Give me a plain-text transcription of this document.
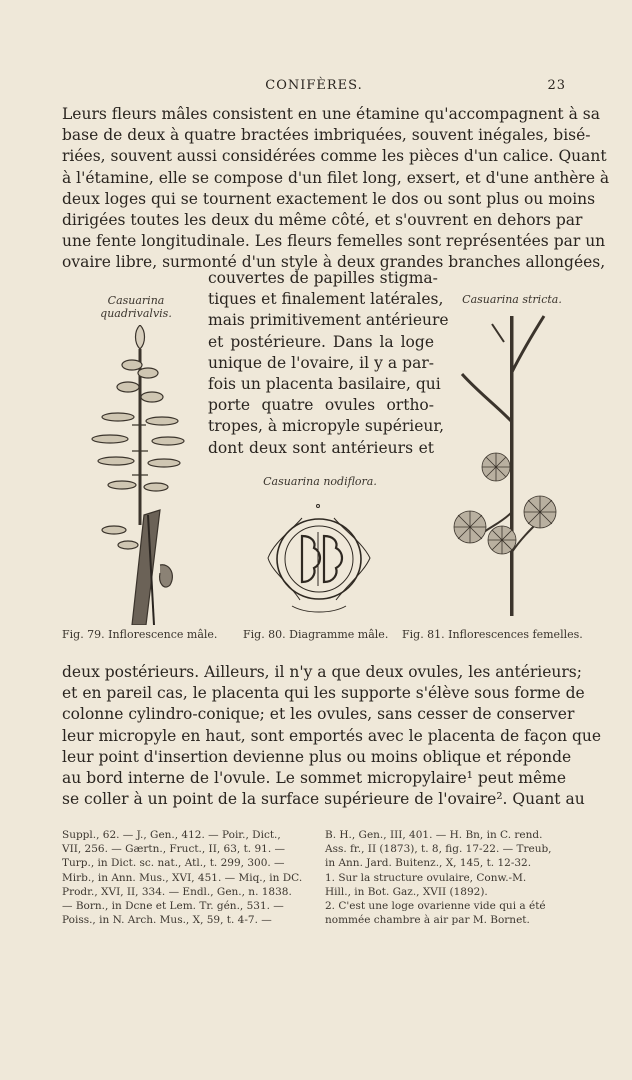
CONIFÈRES.	23
Leurs fleurs mâles consistent en une étamine qu'accompagnent à sa
base de deux à quatre bractées imbriquées, souvent inégales, bisé-
riées, souvent aussi considérées comme les pièces d'un calice. Quant
à l'étamine, elle se compose d'un filet long, exsert, et d'une anthère à
deux loges qui se tournent exactement le dos ou sont plus ou moins
dirigées toutes les deux du même côté, et s'ouvrent en dehors par
une fente longitudinale. Les fleurs femelles sont représentées par un
ovaire libre, surmonté d'un style à deux grandes branches allongées,
couvertes de papilles stigma-
tiques et finalement latérales,
mais primitivement antérieure
et postérieure. Dans la loge
unique de l'ovaire, il y a par-
fois un placenta basilaire, qui
porte quatre ovules ortho-
tropes, à micropyle supérieur,
dont deux sont antérieurs et
Casuarina
quadrivalvis.
Casuarina stricta.
Casuarina nodiflora.
Fig. 79. Inflorescence mâle. Fig. 80. Diagramme mâle. Fig. 81. Inflorescences femelles.
deux postérieurs. Ailleurs, il n'y a que deux ovules, les antérieurs;
et en pareil cas, le placenta qui les supporte s'élève sous forme de
colonne cylindro-conique; et les ovules, sans cesser de conserver
leur micropyle en haut, sont emportés avec le placenta de façon que
leur point d'insertion devienne plus ou moins oblique et réponde
au bord interne de l'ovule. Le sommet micropylaire¹ peut même
se coller à un point de la surface supérieure de l'ovaire². Quant au
Suppl., 62. — J., Gen., 412. — Poir., Dict.,
VII, 256. — Gærtn., Fruct., II, 63, t. 91. —
Turp., in Dict. sc. nat., Atl., t. 299, 300. —
Mirb., in Ann. Mus., XVI, 451. — Miq., in DC.
Prodr., XVI, II, 334. — Endl., Gen., n. 1838.
— Born., in Dcne et Lem. Tr. gén., 531. —
Poiss., in N. Arch. Mus., X, 59, t. 4-7. —
B. H., Gen., III, 401. — H. Bn, in C. rend.
Ass. fr., II (1873), t. 8, fig. 17-22. — Treub,
in Ann. Jard. Buitenz., X, 145, t. 12-32.
1. Sur la structure ovulaire, Conw.-M.
Hill., in Bot. Gaz., XVII (1892).
2. C'est une loge ovarienne vide qui a été
nommée chambre à air par M. Bornet.
